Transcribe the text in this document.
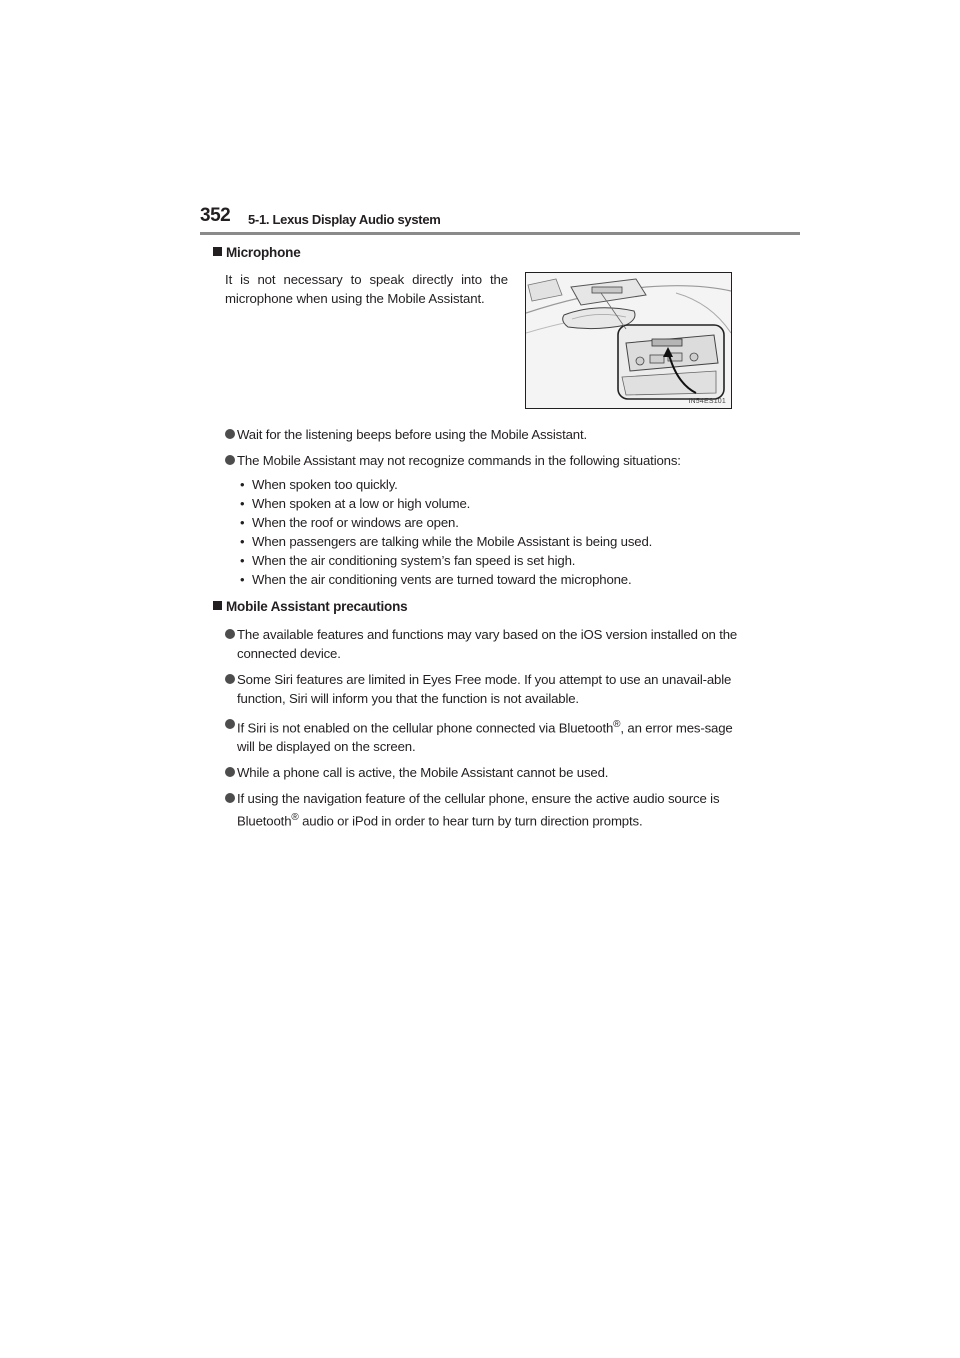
352 5-1. Lexus Display Audio system
Microphone
It is not necessary to speak directly into the microphone when using the Mobile Assistant.
IN54ES101
Wait for the listening beeps before using the Mobile Assistant.
The Mobile Assistant may not recognize commands in the following situations:
• When spoken too quickly.
• When spoken at a low or high volume.
• When the roof or windows are open.
• When passengers are talking while the Mobile Assistant is being used.
• When the air conditioning system’s fan speed is set high.
• When the air conditioning vents are turned toward the microphone.
Mobile Assistant precautions
The available features and functions may vary based on the iOS version installed on the connected device.
Some Siri features are limited in Eyes Free mode. If you attempt to use an unavail-able function, Siri will inform you that the function is not available.
If Siri is not enabled on the cellular phone connected via Bluetooth®, an error mes-sage will be displayed on the screen.
While a phone call is active, the Mobile Assistant cannot be used.
If using the navigation feature of the cellular phone, ensure the active audio source is Bluetooth® audio or iPod in order to hear turn by turn direction prompts.
